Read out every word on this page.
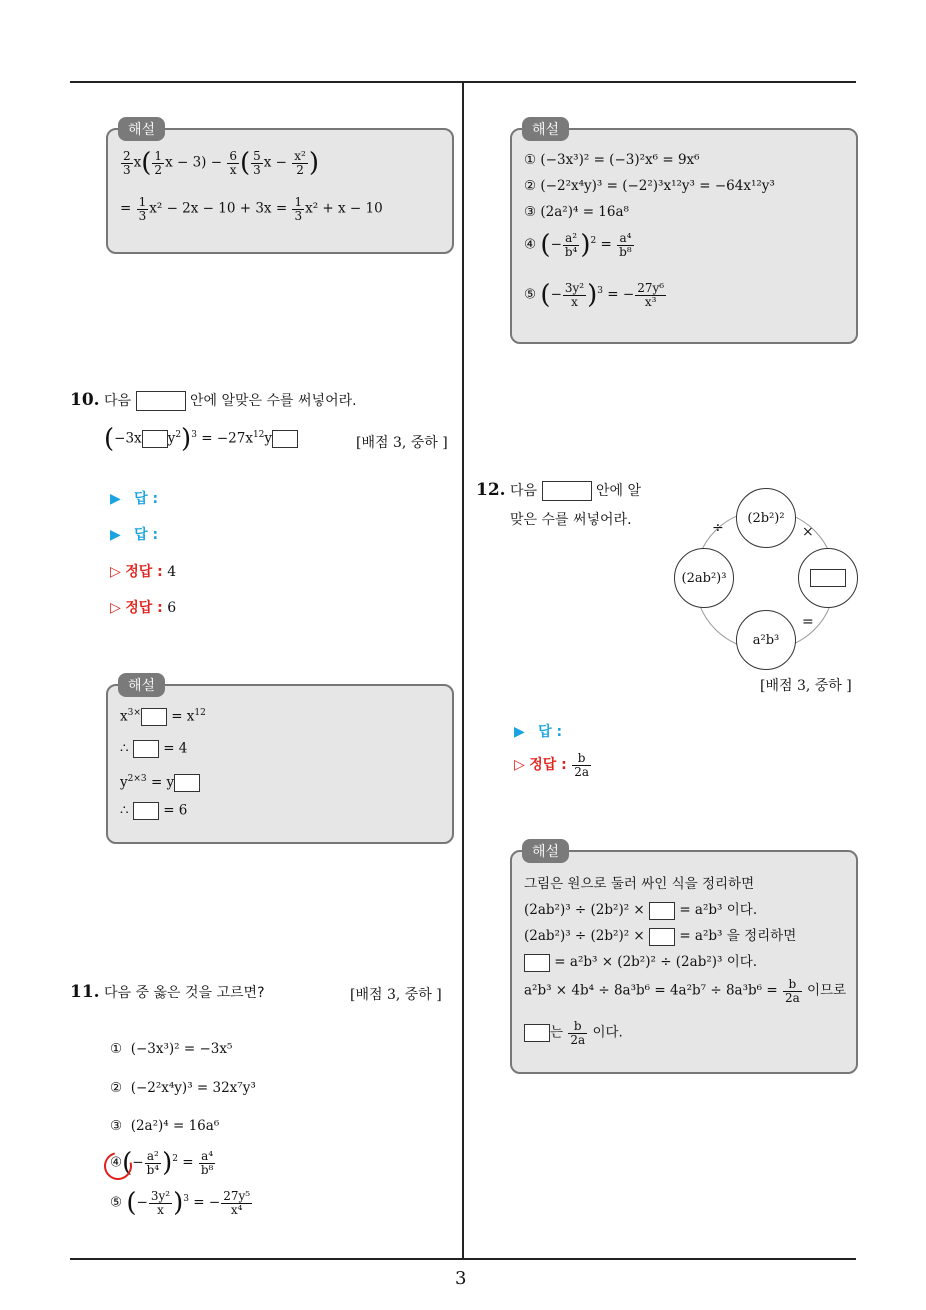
3
$\frac{2}{3} x( \frac{1}{2}$ $x - 3) - \frac{6}{x}$ ( $\frac{5}{3}$ $x - \frac{\text{x²}}{2}$ )
= $\frac{1}{3} x^2 - 2x - 10 + 3x = \frac{1}{3} x^2 + x - 10$
해설
10. 다음	안에 알맞은 수를 써넣어라.
(−3x $y^2)^3 = -27x^{12}y$	[배점 3, 중하 ]
▶ 답 :
▶ 답 :
▷ 정답 : 4
▷ 정답 : 6
$x^{3\times} = x^{12}$
∴	= 4
$y^{2\times 3} = y$
∴	= 6
해설
11. 다음 중 옳은 것을 고르면?	[배점 3, 중하 ]
① (−3x³)² = −3x⁵
② (−2²x⁴y)³ = 32x⁷y³
③ (2a²)⁴ = 16a⁶
④(− $\frac{\text{a²}}{\text{b⁴}} )^2 = \frac{\text{a⁴}}{\text{b⁸}}$
⑤ (− $\frac{\text{3y²}}{x} )^3$ = − $\frac{\text{27y⁵}}{\text{x⁴}}$
① (−3x³)² = (−3)²x⁶ = 9x⁶
② (−2²x⁴y)³ = (−2²)³x¹²y³ = −64x¹²y³
③ (2a²)⁴ = 16a⁸
④ (− $\frac{\text{a²}}{\text{b⁴}} )^2 = \frac{\text{a⁴}}{\text{b⁸}}$
⑤ (− $\frac{\text{3y²}}{x} )^3$ = − $\frac{\text{27y⁶}}{\text{x³}}$
해설
12. 다음	안에 알
맞은 수를 써넣어라.	(2b²)²
(2ab²)³
a²b³
÷	×
=
[배점 3, 중하 ]
▶ 답 :
▷ 정답 : $\frac{b}{2a}$
그림은 원으로 둘러 싸인 식을 정리하면
(2ab²)³ ÷ (2b²)² ×	= a²b³ 이다.
(2ab²)³ ÷ (2b²)² ×	= a²b³ 을 정리하면
= a²b³ × (2b²)² ÷ (2ab²)³ 이다.
$a^2b^3 \times 4b^4 \div 8a^3b^6 = 4a^2b^7 \div 8a^3b^6 = \frac{b}{2a}$ 이므로
는 $\frac{b}{2a}$ 이다.
해설
